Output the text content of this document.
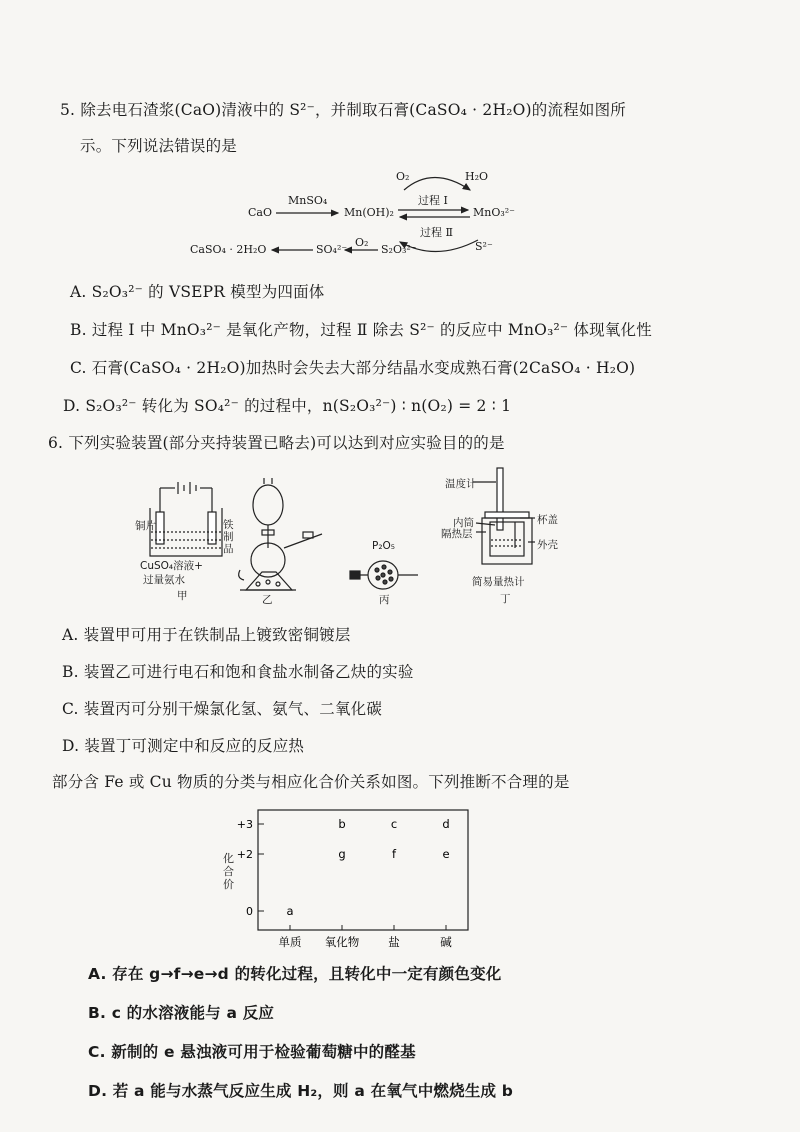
5. 除去电石渣浆(CaO)清液中的 S²⁻，并制取石膏(CaSO₄ · 2H₂O)的流程如图所
示。下列说法错误的是
O₂	H₂O
MnSO₄	过程 Ⅰ
CaO	Mn(OH)₂	MnO₃²⁻
过程 Ⅱ
O₂	S²⁻
CaSO₄ · 2H₂O	SO₄²⁻	S₂O₃²⁻
A. S₂O₃²⁻ 的 VSEPR 模型为四面体
B. 过程 Ⅰ 中 MnO₃²⁻ 是氧化产物，过程 Ⅱ 除去 S²⁻ 的反应中 MnO₃²⁻ 体现氧化性
C. 石膏(CaSO₄ · 2H₂O)加热时会失去大部分结晶水变成熟石膏(2CaSO₄ · H₂O)
D. S₂O₃²⁻ 转化为 SO₄²⁻ 的过程中，n(S₂O₃²⁻) ∶ n(O₂) = 2 ∶ 1
6. 下列实验装置(部分夹持装置已略去)可以达到对应实验目的的是
铜片	铁制品
CuSO₄溶液+
过量氨水
甲	乙
P₂O₅
丙
温度计
内筒
隔热层
杯盖
外壳
简易量热计
丁
A. 装置甲可用于在铁制品上镀致密铜镀层
B. 装置乙可进行电石和饱和食盐水制备乙炔的实验
C. 装置丙可分别干燥氯化氢、氨气、二氧化碳
D. 装置丁可测定中和反应的反应热
部分含 Fe 或 Cu 物质的分类与相应化合价关系如图。下列推断不合理的是
+3
+2
0
单质 氧化物	盐	碱
a
b	c	d
g	f	e
化合价
A. 存在 g→f→e→d 的转化过程，且转化中一定有颜色变化
B. c 的水溶液能与 a 反应
C. 新制的 e 悬浊液可用于检验葡萄糖中的醛基
D. 若 a 能与水蒸气反应生成 H₂，则 a 在氧气中燃烧生成 b
